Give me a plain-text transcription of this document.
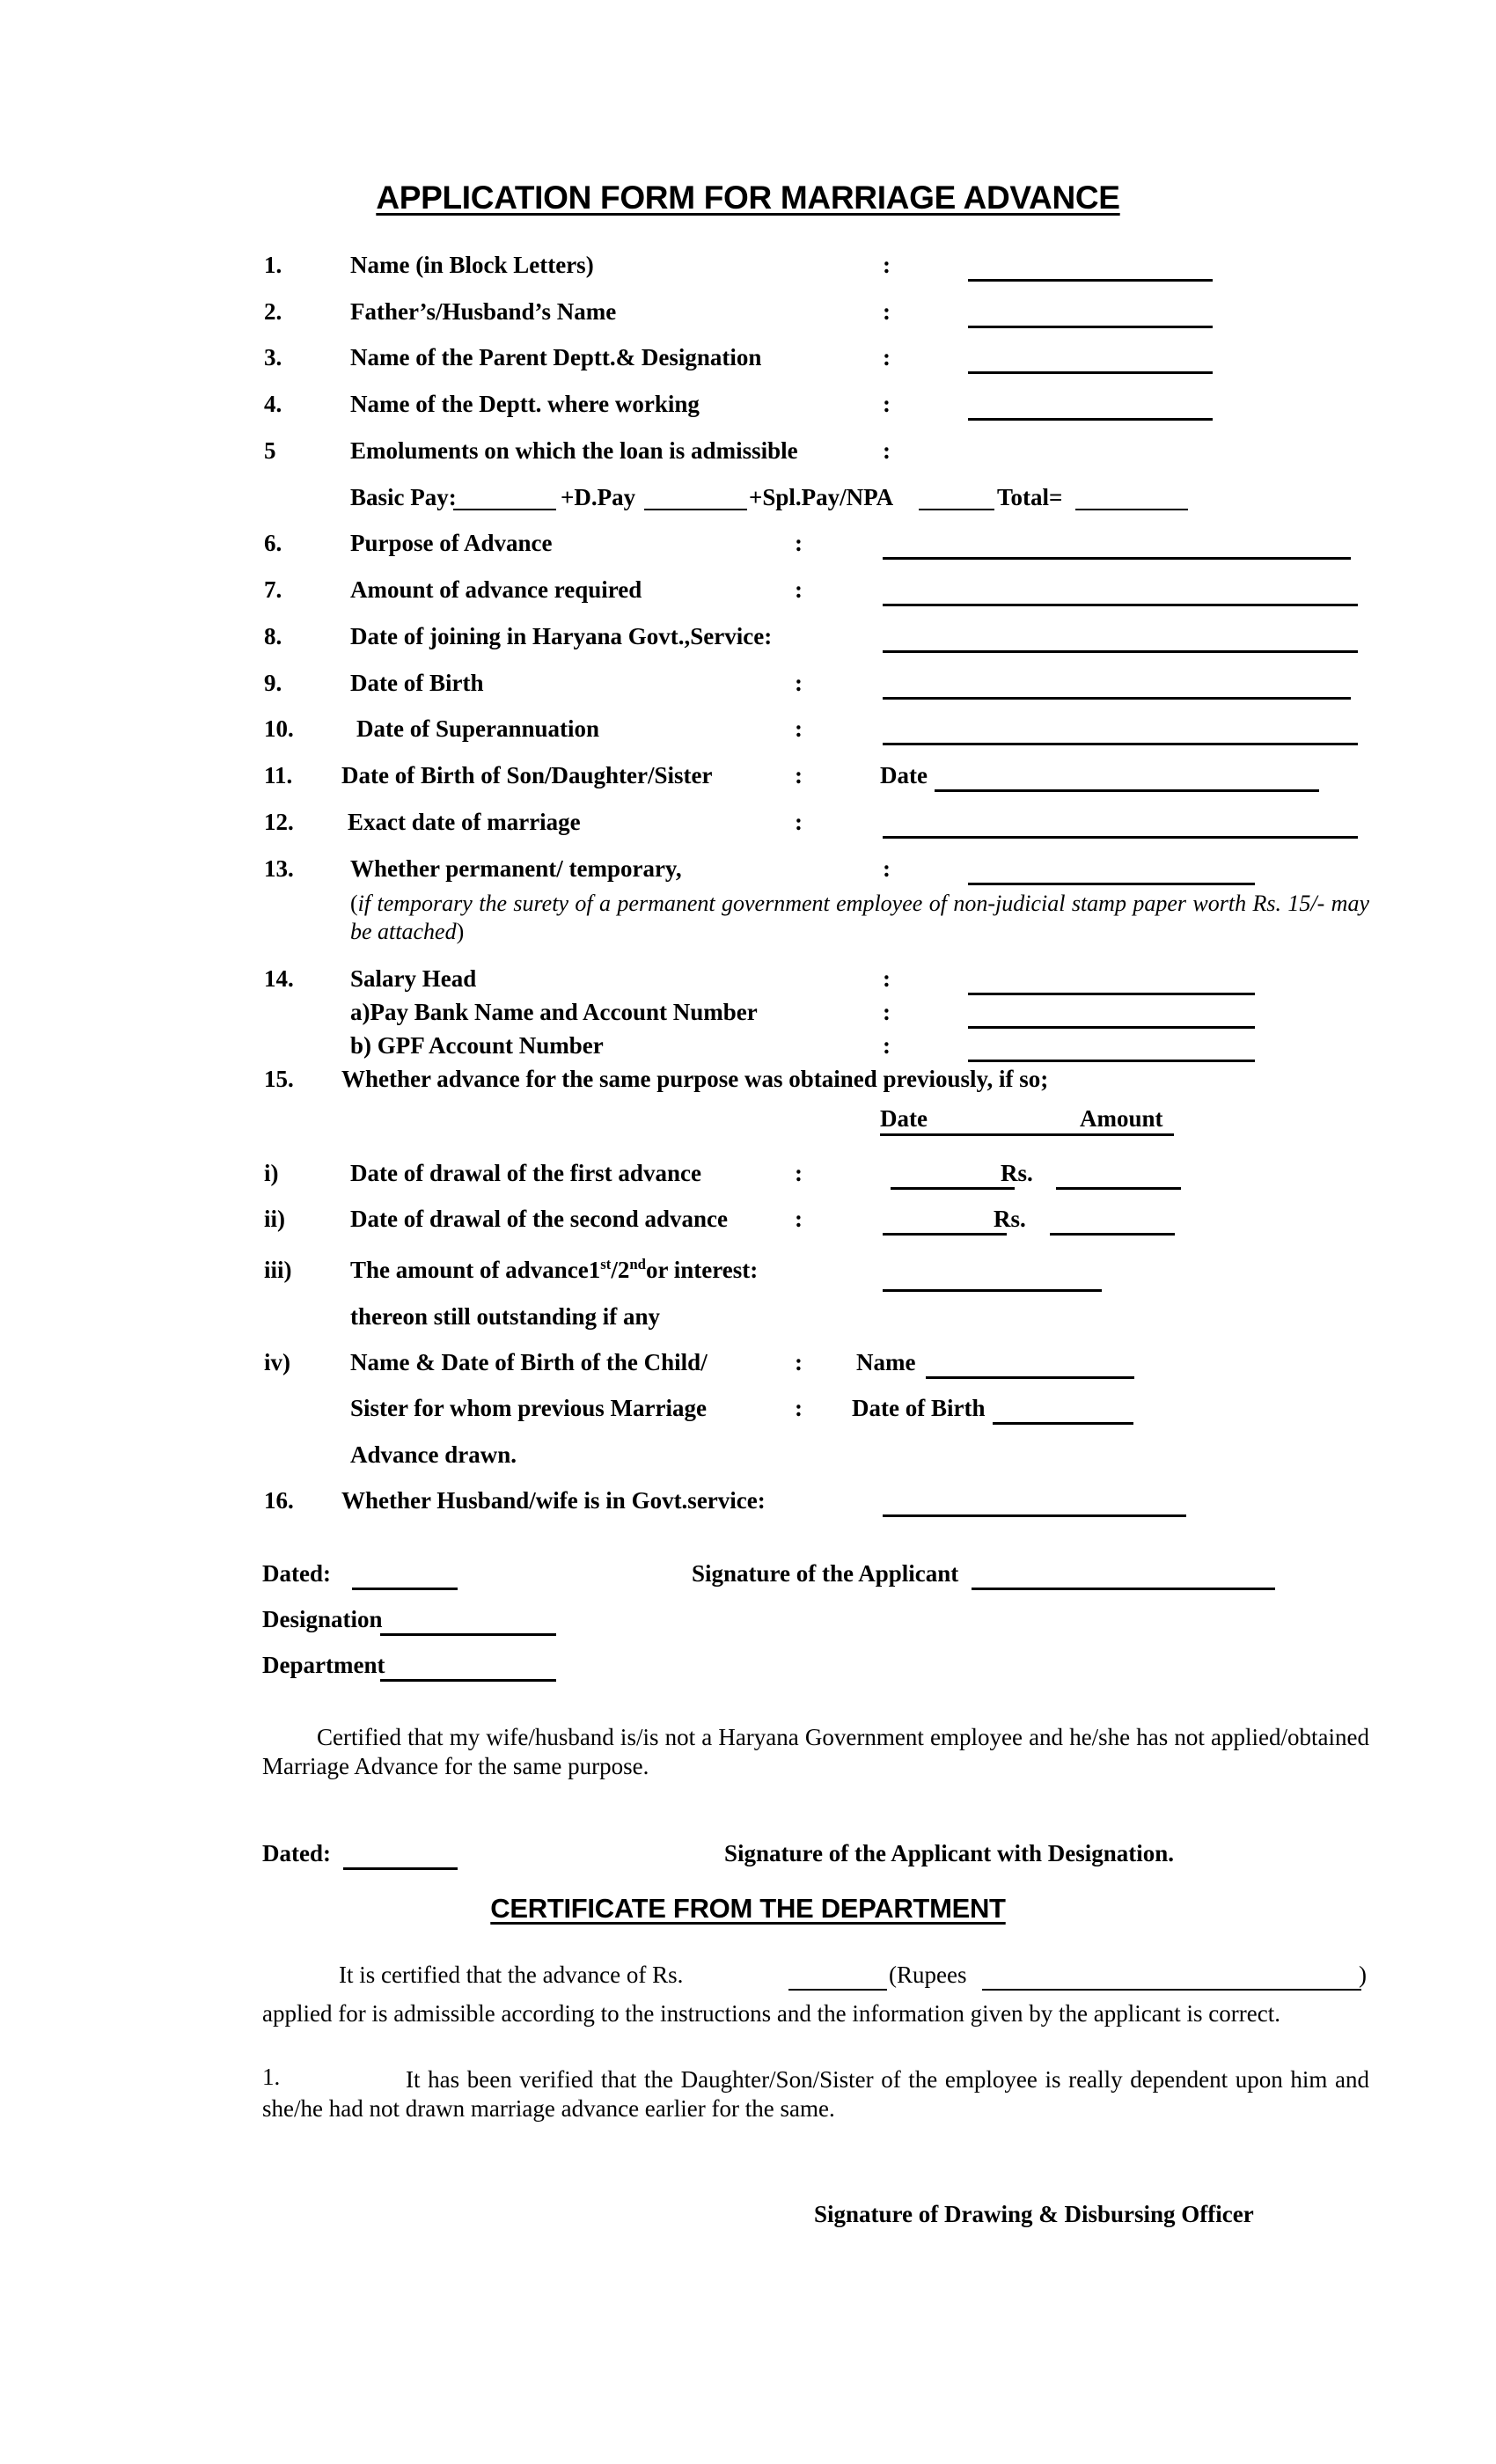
APPLICATION FORM FOR MARRIAGE ADVANCE
1.	Name (in Block Letters)	:
2.	Father’s/Husband’s Name	:
3.	Name of the Parent Deptt.& Designation	:
4.	Name of the Deptt. where working	:
5	Emoluments on which the loan is admissible	:
Basic Pay:	+D.Pay	+Spl.Pay/NPA	Total=
6.	Purpose of Advance	:
7.	Amount of advance required	:
8.	Date of joining in Haryana Govt.,Service:
9.	Date of Birth	:
10.	Date of Superannuation	:
11. Date of Birth of Son/Daughter/Sister	:	Date
12. Exact date of marriage	:
13. Whether permanent/ temporary,	:
(if temporary the surety of a permanent government employee of non-judicial stamp paper worth Rs. 15/- may be attached)
14. Salary Head	:
a)Pay Bank Name and Account Number	:
b) GPF Account Number	:
15. Whether advance for the same purpose was obtained previously, if so;
Date	Amount
i)	Date of drawal of the first advance	:	Rs.
ii)	Date of drawal of the second advance	:	Rs.
iii) The amount of advance1st/2ndor interest:
thereon still outstanding if any
iv)	Name & Date of Birth of the Child/	: Name
Sister for whom previous Marriage	: Date of Birth
Advance drawn.
16. Whether Husband/wife is in Govt.service:
Dated:	Signature of the Applicant
Designation
Department
Certified that my wife/husband is/is not a Haryana Government employee and he/she has not applied/obtained Marriage Advance for the same purpose.
Dated:	Signature of the Applicant with Designation.
CERTIFICATE FROM THE DEPARTMENT
It is certified that the advance of Rs.	(Rupees	)
applied for is admissible according to the instructions and the information given by the applicant is correct.
1.	It has been verified that the Daughter/Son/Sister of the employee is really dependent upon him and she/he had not drawn marriage advance earlier for the same.
Signature of Drawing & Disbursing Officer
